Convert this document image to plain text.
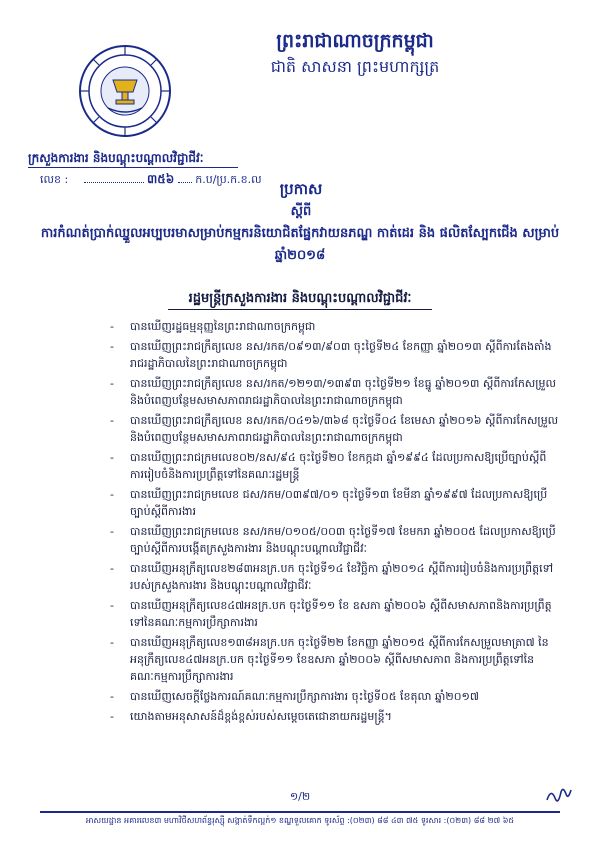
ព្រះរាជាណាចក្រកម្ពុជា
ជាតិ សាសនា ព្រះមហាក្សត្រ
ក្រសួងការងារ និងបណ្តុះបណ្តាលវិជ្ជាជីវៈ
លេខ :	៣៥៦ ក.ប/ប្រ.ក.ខ.ល
ប្រកាស
ស្តីពី
ការកំណត់ប្រាក់ឈ្នួលអប្បបរមាសម្រាប់កម្មករនិយោជិតផ្នែកវាយនភណ្ឌ កាត់ដេរ និង ផលិតស្បែកជើង សម្រាប់ឆ្នាំ២០១៨
រដ្ឋមន្ត្រីក្រសួងការងារ និងបណ្តុះបណ្តាលវិជ្ជាជីវៈ
- បានឃើញរដ្ឋធម្មនុញ្ញនៃព្រះរាជាណាចក្រកម្ពុជា
- បានឃើញព្រះរាជក្រឹត្យលេខ នស/រកត/០៩១៣/៩០៣ ចុះថ្ងៃទី២៤ ខែកញ្ញា ឆ្នាំ២០១៣ ស្តីពីការតែងតាំងរាជរដ្ឋាភិបាលនៃព្រះរាជាណាចក្រកម្ពុជា
- បានឃើញព្រះរាជក្រឹត្យលេខ នស/រកត/១២១៣/១៣៩៣ ចុះថ្ងៃទី២១ ខែធ្នូ ឆ្នាំ២០១៣ ស្តីពីការកែសម្រួល និងបំពេញបន្ថែមសមាសភាពរាជរដ្ឋាភិបាលនៃព្រះរាជាណាចក្រកម្ពុជា
- បានឃើញព្រះរាជក្រឹត្យលេខ នស/រកត/០៤១៦/៣៦៨ ចុះថ្ងៃទី០៤ ខែមេសា ឆ្នាំ២០១៦ ស្តីពីការកែសម្រួល និងបំពេញបន្ថែមសមាសភាពរាជរដ្ឋាភិបាលនៃព្រះរាជាណាចក្រកម្ពុជា
- បានឃើញព្រះរាជក្រមលេខ០២/នស/៩៤ ចុះថ្ងៃទី២០ ខែកក្កដា ឆ្នាំ១៩៩៤ ដែលប្រកាសឱ្យប្រើច្បាប់ស្តីពីការរៀបចំនិងការប្រព្រឹត្តទៅនៃគណៈរដ្ឋមន្ត្រី
- បានឃើញព្រះរាជក្រមលេខ ជស/រកម/០៣៩៧/០១ ចុះថ្ងៃទី១៣ ខែមីនា ឆ្នាំ១៩៩៧ ដែលប្រកាសឱ្យប្រើច្បាប់ស្តីពីការងារ
- បានឃើញព្រះរាជក្រមលេខ នស/រកម/០១០៥/០០៣ ចុះថ្ងៃទី១៧ ខែមករា ឆ្នាំ២០០៥ ដែលប្រកាសឱ្យប្រើច្បាប់ស្តីពីការបង្កើតក្រសួងការងារ និងបណ្តុះបណ្តាលវិជ្ជាជីវៈ
- បានឃើញអនុក្រឹត្យលេខ២៨៣អនក្រ.បក ចុះថ្ងៃទី១៤ ខែវិច្ឆិកា ឆ្នាំ២០១៤ ស្តីពីការរៀបចំនិងការប្រព្រឹត្តទៅរបស់ក្រសួងការងារ និងបណ្តុះបណ្តាលវិជ្ជាជីវៈ
- បានឃើញអនុក្រឹត្យលេខ៤៧អនក្រ.បក ចុះថ្ងៃទី១១ ខែ ឧសភា ឆ្នាំ២០០៦ ស្តីពីសមាសភាពនិងការប្រព្រឹត្តទៅនៃគណៈកម្មការប្រឹក្សាការងារ
- បានឃើញអនុក្រឹត្យលេខ១៣៨អនក្រ.បក ចុះថ្ងៃទី២២ ខែកញ្ញា ឆ្នាំ២០១៥ ស្តីពីការកែសម្រួលមាត្រា៧ នៃអនុក្រឹត្យលេខ៤៧អនក្រ.បក ចុះថ្ងៃទី១១ ខែឧសភា ឆ្នាំ២០០៦ ស្តីពីសមាសភាព និងការប្រព្រឹត្តទៅនៃគណៈកម្មការប្រឹក្សាការងារ
- បានឃើញសេចក្តីថ្លែងការណ៍គណៈកម្មការប្រឹក្សាការងារ ចុះថ្ងៃទី០៥ ខែតុលា ឆ្នាំ២០១៧
- យោងតាមអនុសាសន៍ដ៏ខ្ពង់ខ្ពស់របស់សម្តេចតេជោនាយករដ្ឋមន្ត្រី។
១/២
អាសយដ្ឋាន អគារលេខ៣ មហាវិថីសហព័ន្ធរុស្ស៊ី សង្កាត់ទឹកល្អក់១ ខណ្ឌទួលគោក ទូរស័ព្ទ :(០២៣) ៨៨ ៤៣ ៧៥ ទូរសារ :(០២៣) ៨៨ ២៧ ៦៥
